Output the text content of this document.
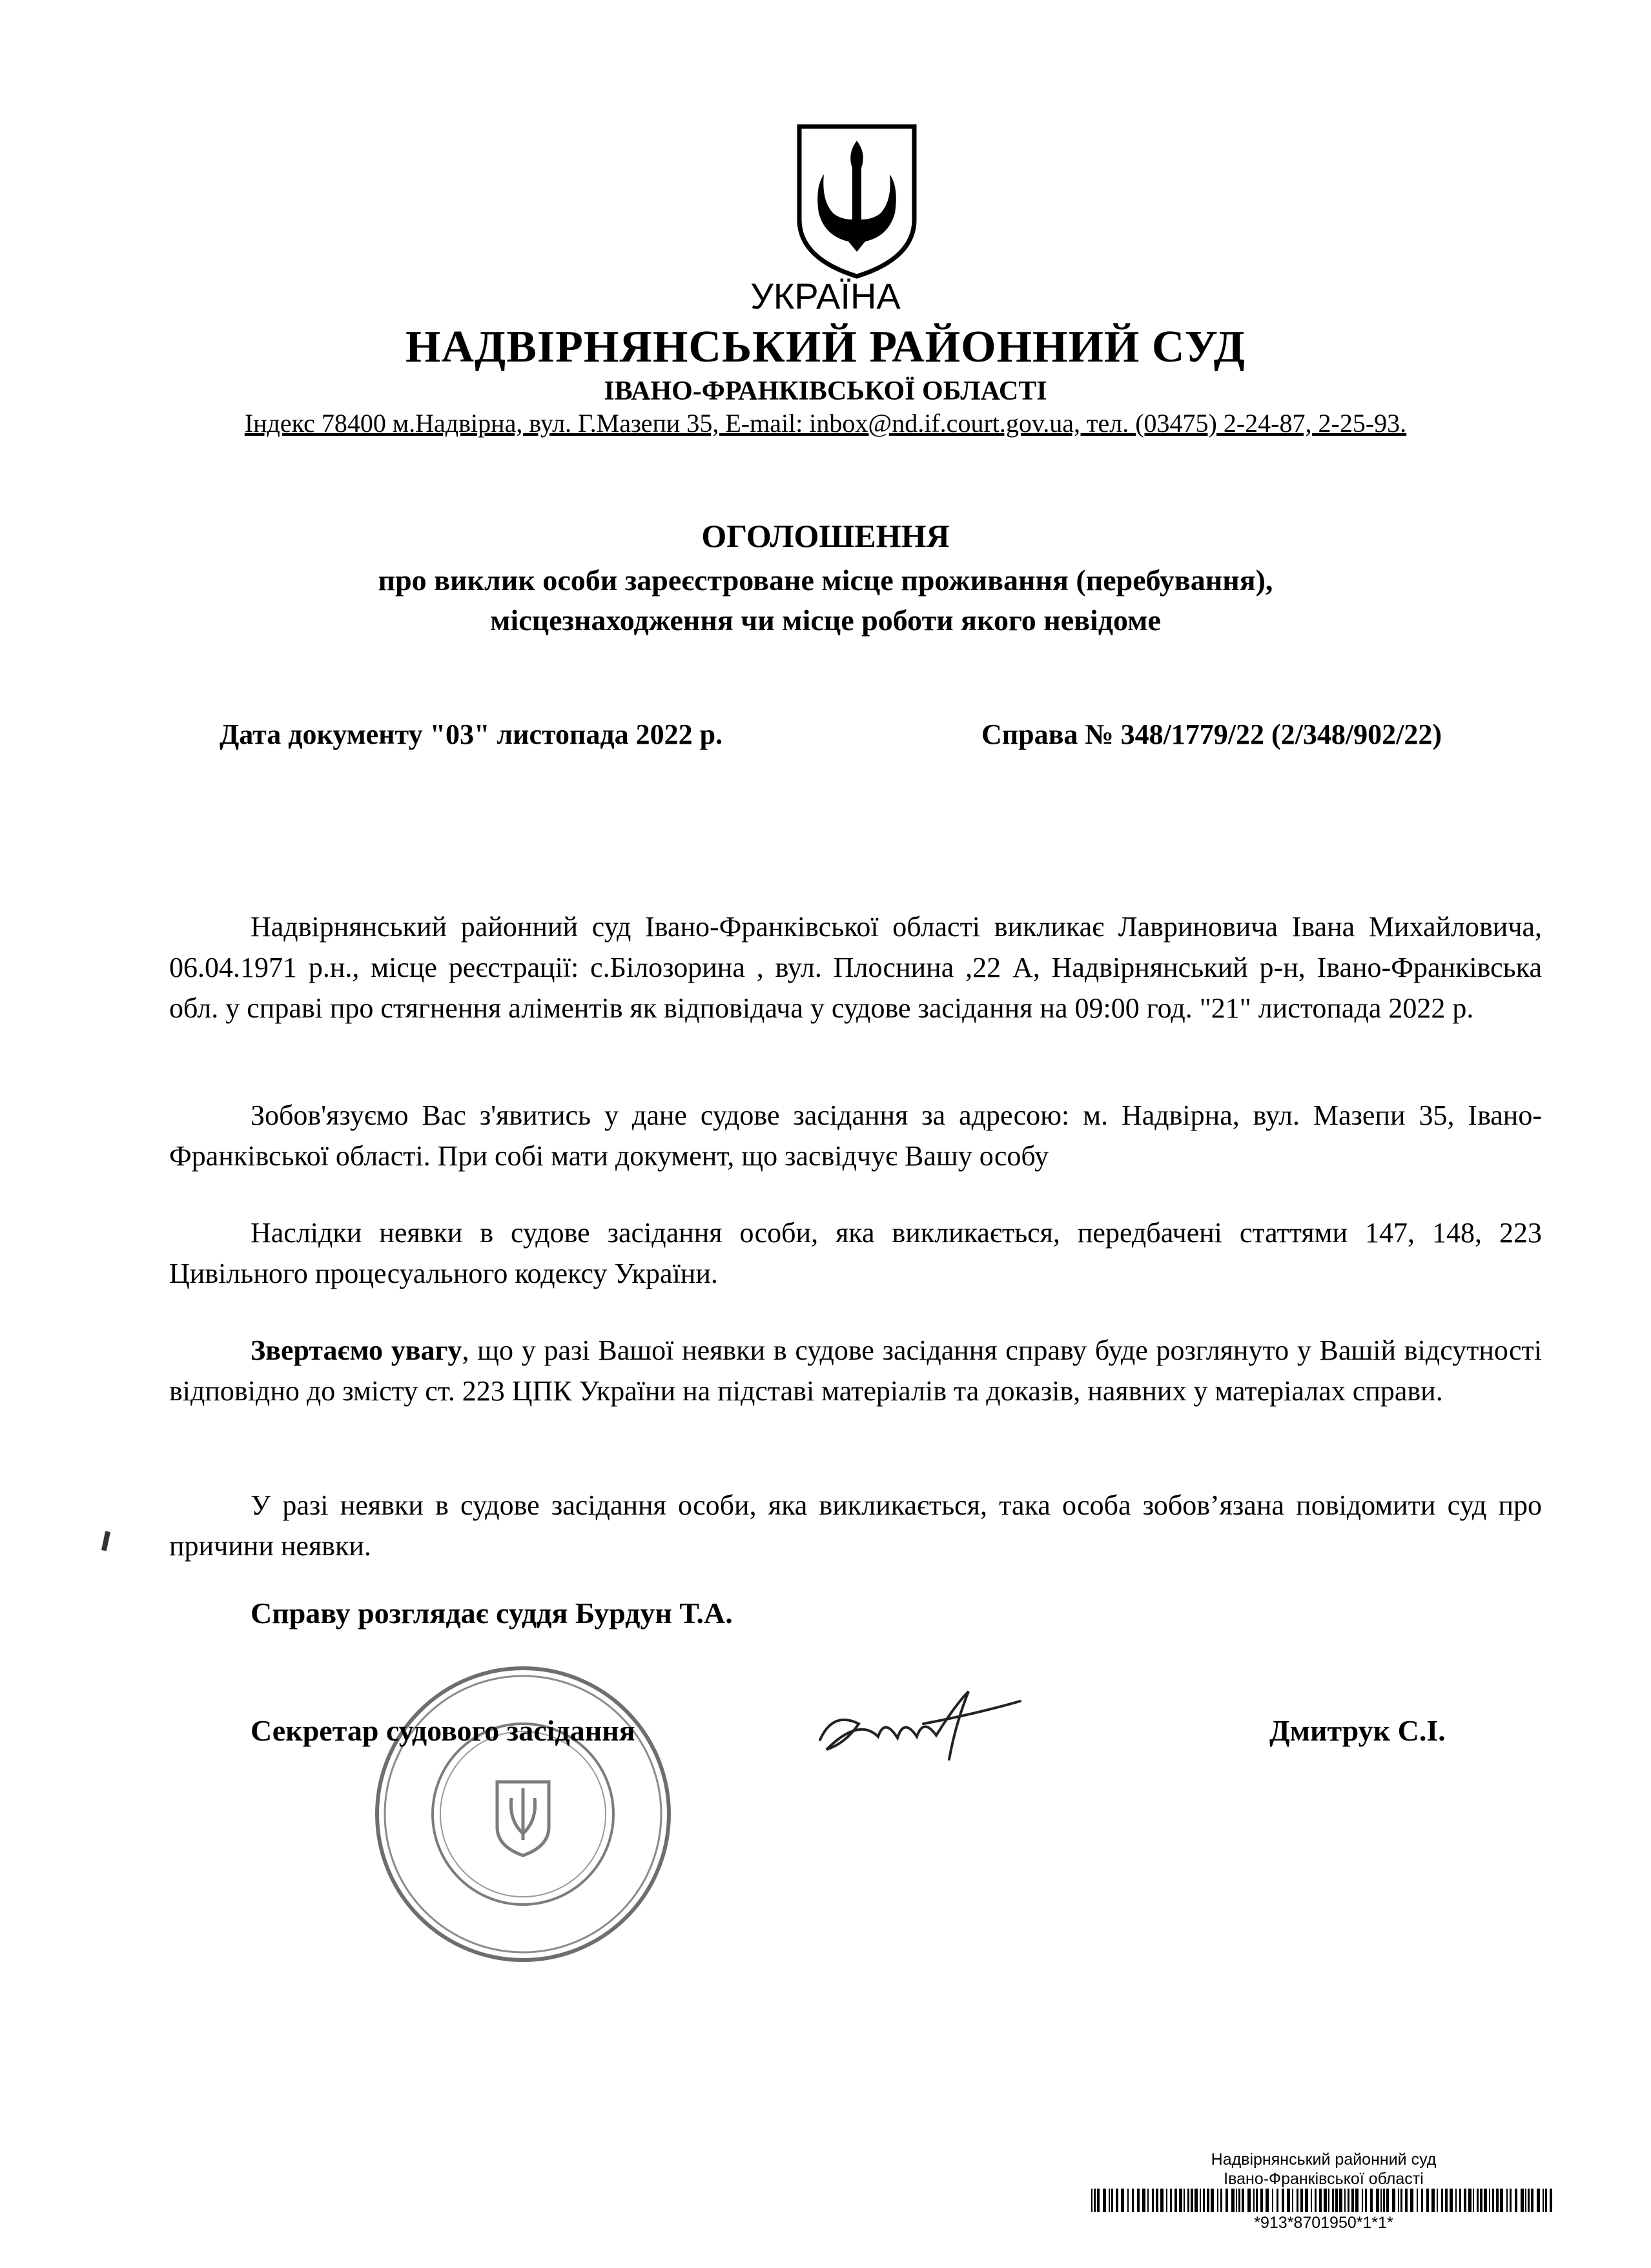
УКРАЇНА
НАДВІРНЯНСЬКИЙ РАЙОННИЙ СУД
ІВАНО-ФРАНКІВСЬКОЇ ОБЛАСТІ
Індекс 78400 м.Надвірна, вул. Г.Мазепи 35, E-mail: inbox@nd.if.court.gov.ua, тел. (03475) 2-24-87, 2-25-93.
ОГОЛОШЕННЯ
про виклик особи зареєстроване місце проживання (перебування),
місцезнаходження чи місце роботи якого невідоме
Дата документу "03" листопада 2022 р.	Справа № 348/1779/22 (2/348/902/22)
Надвірнянський районний суд Івано-Франківської області викликає Лавриновича Івана Михайловича, 06.04.1971 р.н., місце реєстрації: с.Білозорина , вул. Плоснина ,22 А, Надвірнянський р-н, Івано-Франківська обл. у справі про стягнення аліментів як відповідача у судове засідання на 09:00 год. "21" листопада 2022 р.
Зобов'язуємо Вас з'явитись у дане судове засідання за адресою: м. Надвірна, вул. Мазепи 35, Івано-Франківської області. При собі мати документ, що засвідчує Вашу особу
Наслідки неявки в судове засідання особи, яка викликається, передбачені статтями 147, 148, 223 Цивільного процесуального кодексу України.
Звертаємо увагу, що у разі Вашої неявки в судове засідання справу буде розглянуто у Вашій відсутності відповідно до змісту ст. 223 ЦПК України на підставі матеріалів та доказів, наявних у матеріалах справи.
У разі неявки в судове засідання особи, яка викликається, така особа зобов’язана повідомити суд про причини неявки.
Справу розглядає суддя Бурдун Т.А.
Секретар судового засідання	Дмитрук С.І.
Надвірнянський районний суд
Івано-Франківської області
*913*8701950*1*1*
